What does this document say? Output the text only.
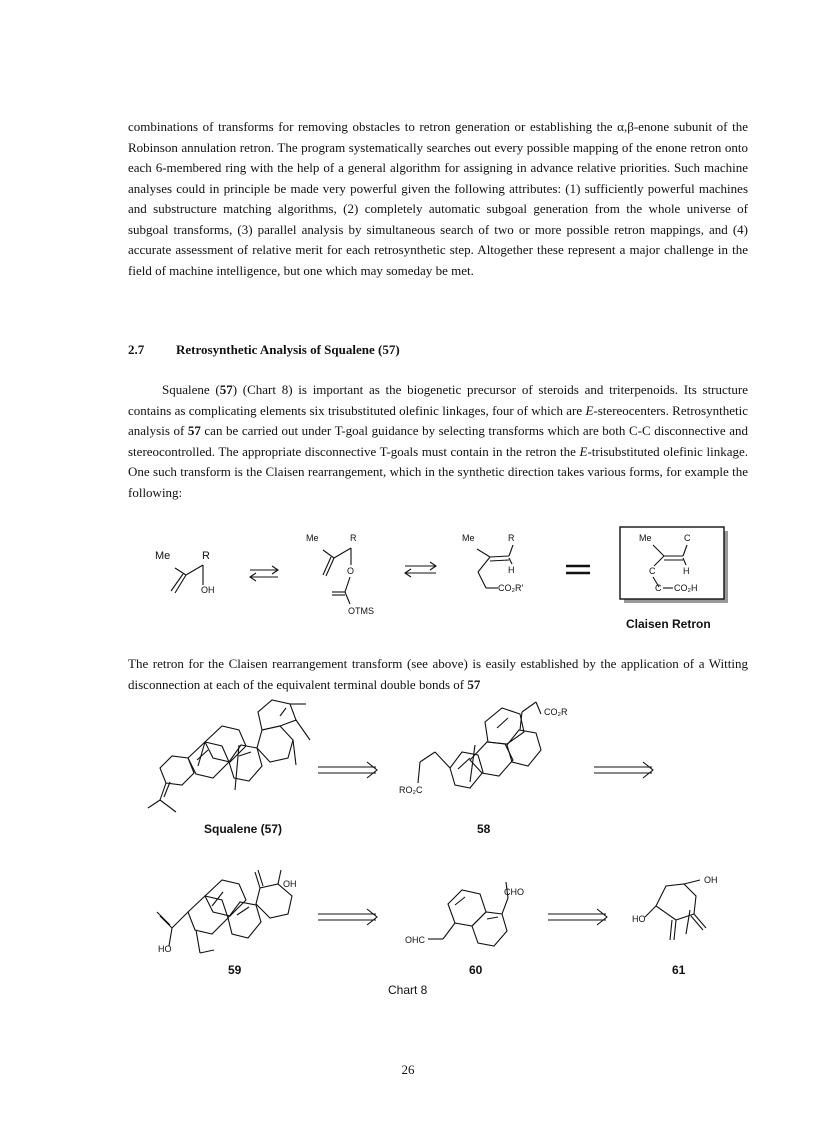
combinations of transforms for removing obstacles to retron generation or establishing the α,β-enone subunit of the Robinson annulation retron. The program systematically searches out every possible mapping of the enone retron onto each 6-membered ring with the help of a general algorithm for assigning in advance relative priorities. Such machine analyses could in principle be made very powerful given the following attributes: (1) sufficiently powerful machines and substructure matching algorithms, (2) completely automatic subgoal generation from the whole universe of subgoal transforms, (3) parallel analysis by simultaneous search of two or more possible retron mappings, and (4) accurate assessment of relative merit for each retrosynthetic step. Altogether these represent a major challenge in the field of machine intelligence, but one which may someday be met.

2.7 Retrosynthetic Analysis of Squalene (57)

Squalene (57) (Chart 8) is important as the biogenetic precursor of steroids and triterpenoids. Its structure contains as complicating elements six trisubstituted olefinic linkages, four of which are E-stereocenters. Retrosynthetic analysis of 57 can be carried out under T-goal guidance by selecting transforms which are both C-C disconnective and stereocontrolled. The appropriate disconnective T-goals must contain in the retron the E-trisubstituted olefinic linkage. One such transform is the Claisen rearrangement, which in the synthetic direction takes various forms, for example the following:

Me	R
OH
Me	R
O
OTMS
Me	R
H
CO₂R′
Me	C
C	H
C CO₂H
Claisen Retron

The retron for the Claisen rearrangement transform (see above) is easily established by the application of a Witting disconnection at each of the equivalent terminal double bonds of 57

RO₂C
CO₂R
HO
OH
OHC
CHO
HO
OH
Squalene (57)	58
59	60	61
Chart 8
26
